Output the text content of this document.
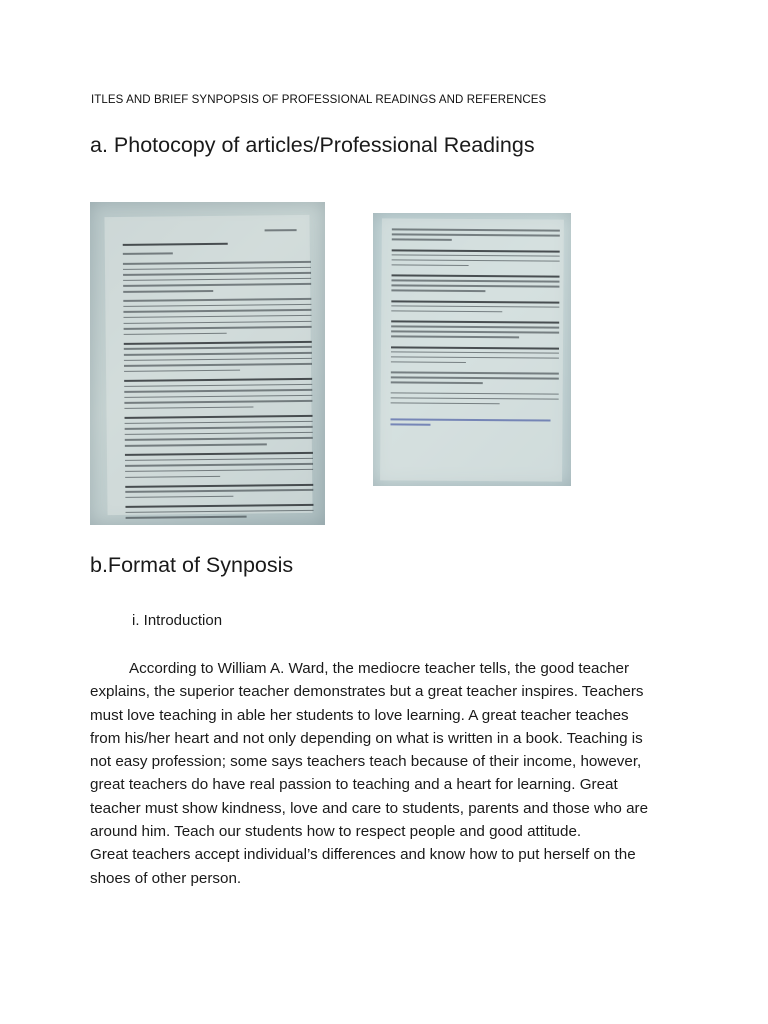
ITLES AND BRIEF SYNPOPSIS OF PROFESSIONAL READINGS AND REFERENCES
a. Photocopy of articles/Professional Readings
b.Format of Synposis
i. Introduction

According to William A. Ward, the mediocre teacher tells, the good teacher

explains, the superior teacher demonstrates but a great teacher inspires. Teachers

must love teaching in able her students to love learning. A great teacher teaches

from his/her heart and not only depending on what is written in a book. Teaching is

not easy profession; some says teachers teach because of their income, however,

great teachers do have real passion to teaching and a heart for learning. Great

teacher must show kindness, love and care to students, parents and those who are

around him. Teach our students how to respect people and good attitude.

Great teachers accept individual’s differences and know how to put herself on the

shoes of other person.
